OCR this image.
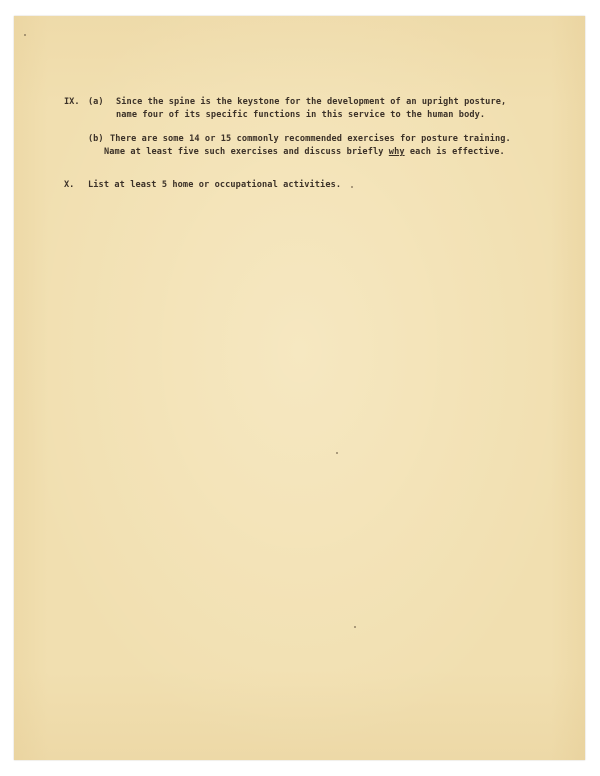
IX. (a) Since the spine is the keystone for the development of an upright posture,
name four of its specific functions in this service to the human body.
(b) There are some 14 or 15 commonly recommended exercises for posture training.
Name at least five such exercises and discuss briefly why each is effective.
X. List at least 5 home or occupational activities.
